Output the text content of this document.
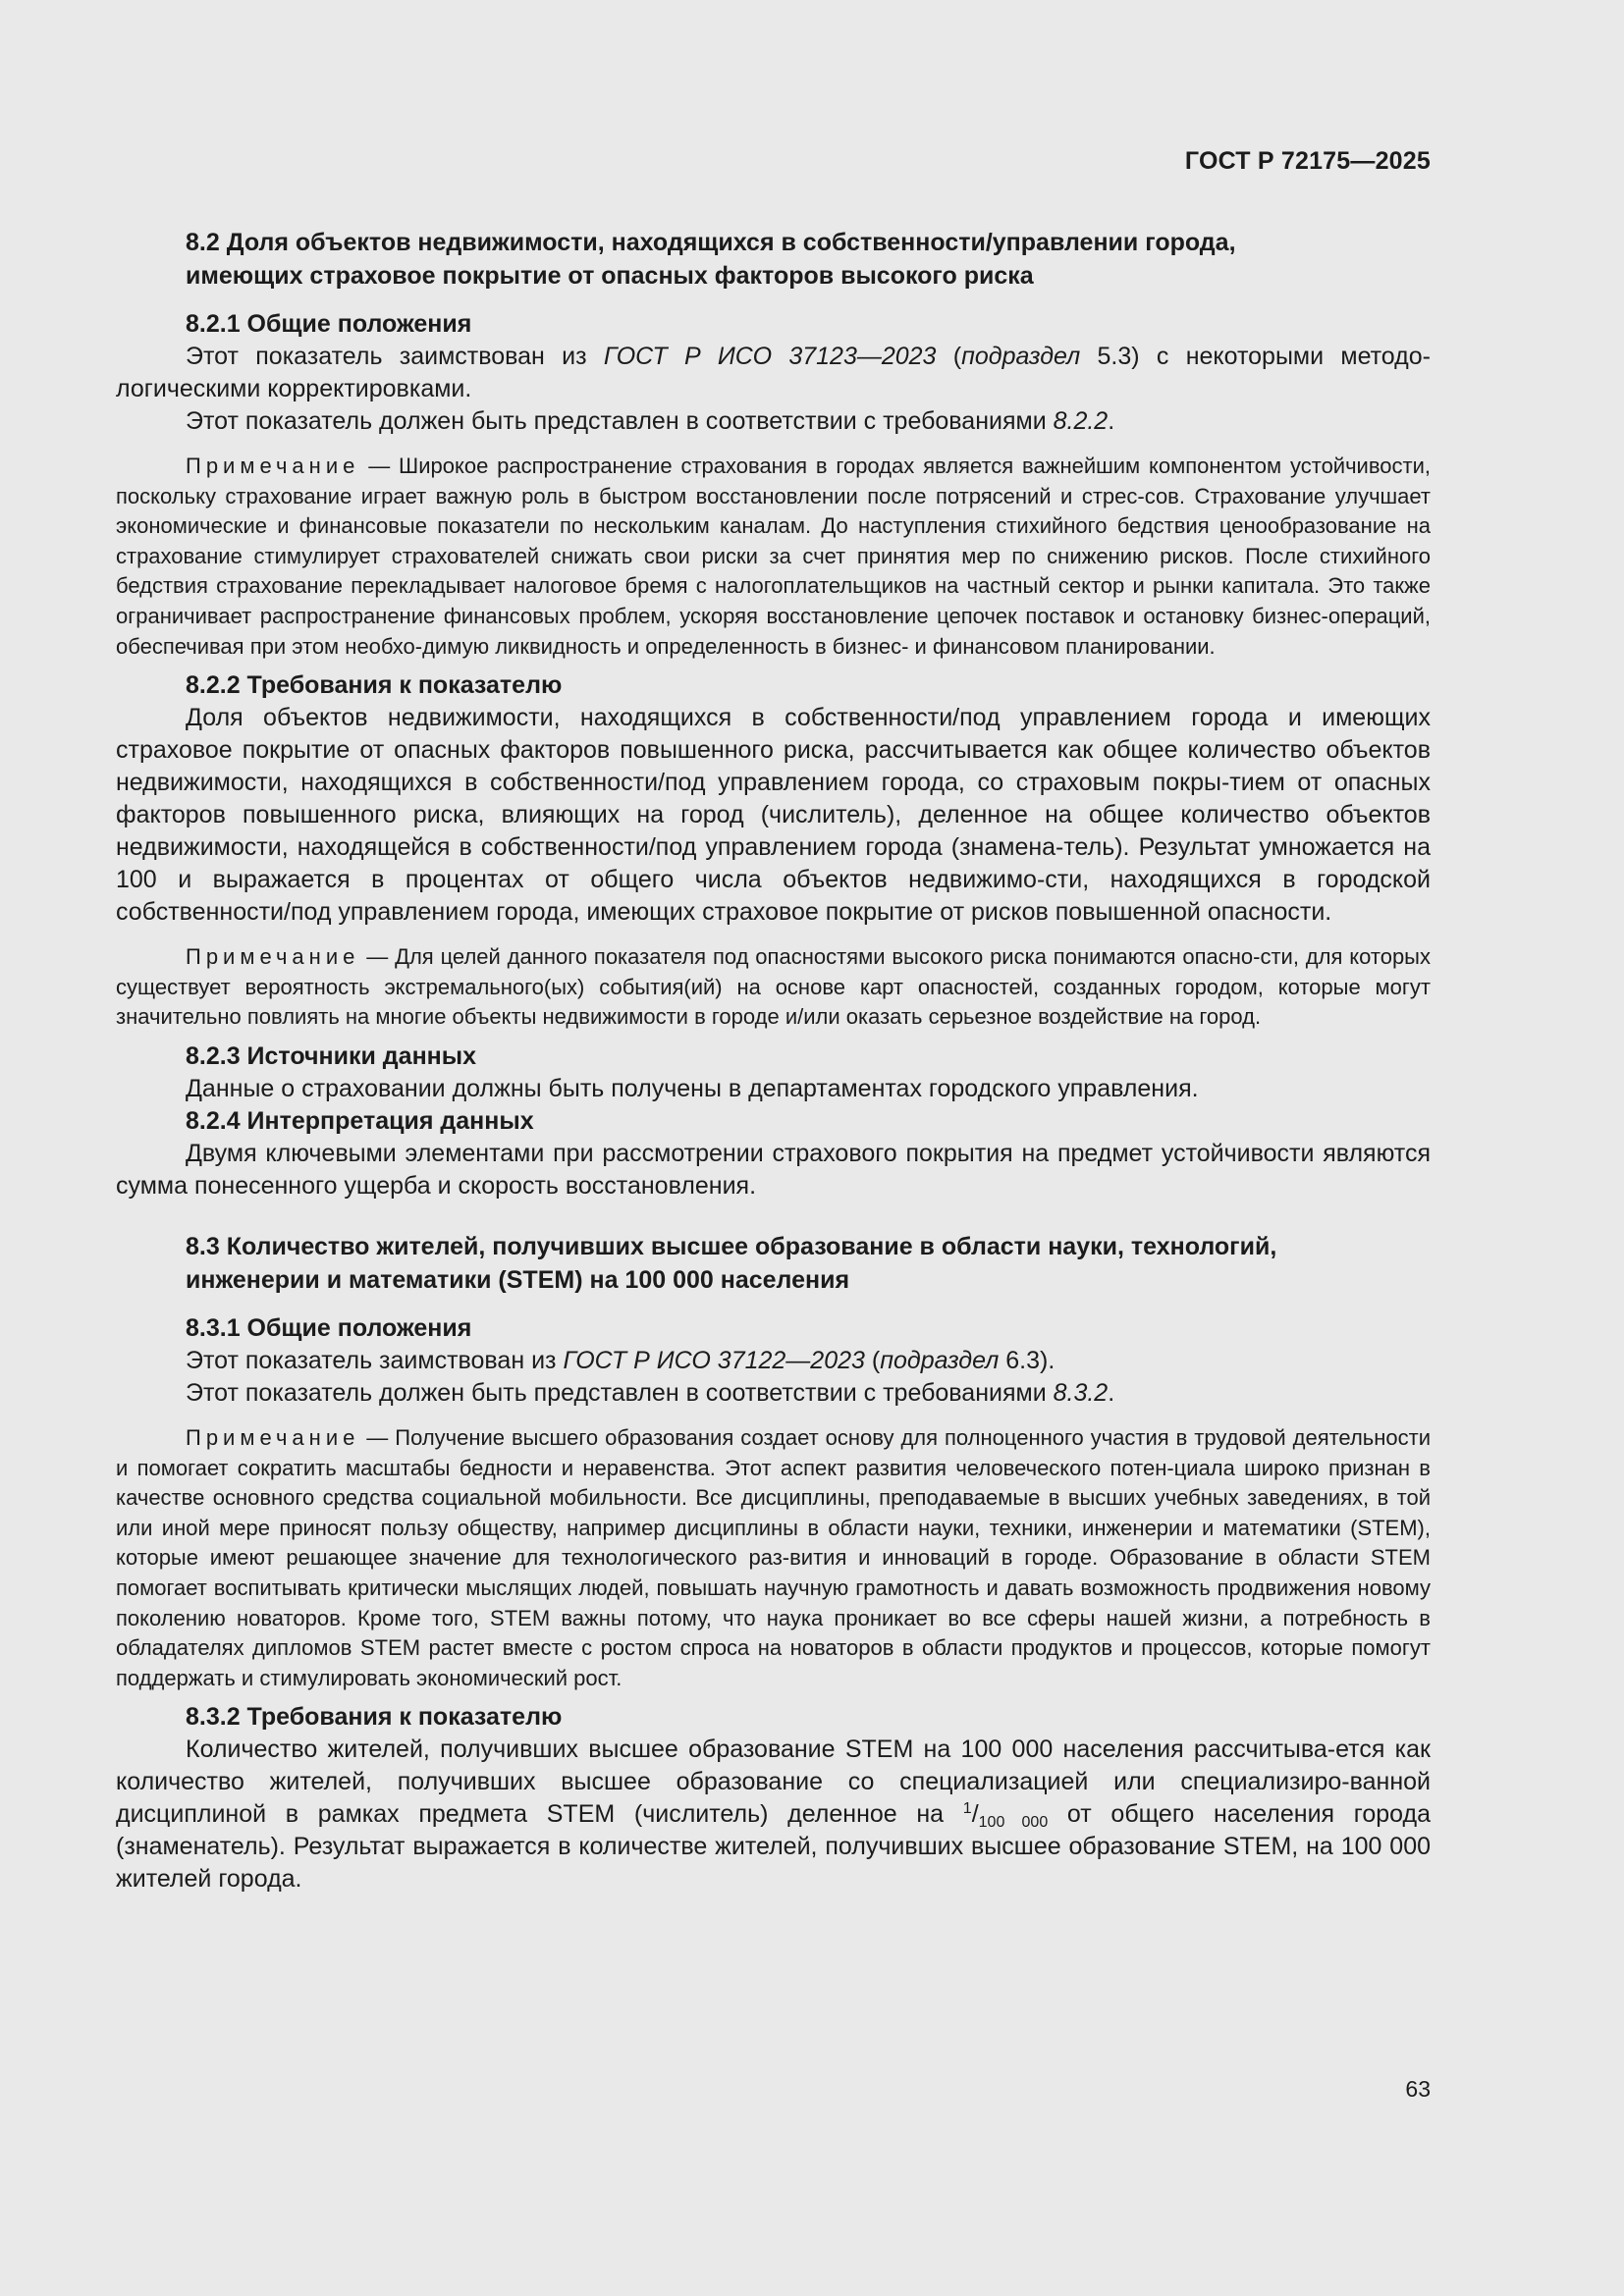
ГОСТ Р 72175—2025
8.2 Доля объектов недвижимости, находящихся в собственности/управлении города,
имеющих страховое покрытие от опасных факторов высокого риска
8.2.1 Общие положения

Этот показатель заимствован из ГОСТ Р ИСО 37123—2023 (подраздел 5.3) с некоторыми методо-логическими корректировками.

Этот показатель должен быть представлен в соответствии с требованиями 8.2.2.

Примечание — Широкое распространение страхования в городах является важнейшим компонентом устойчивости, поскольку страхование играет важную роль в быстром восстановлении после потрясений и стрес-сов. Страхование улучшает экономические и финансовые показатели по нескольким каналам. До наступления стихийного бедствия ценообразование на страхование стимулирует страхователей снижать свои риски за счет принятия мер по снижению рисков. После стихийного бедствия страхование перекладывает налоговое бремя с налогоплательщиков на частный сектор и рынки капитала. Это также ограничивает распространение финансовых проблем, ускоряя восстановление цепочек поставок и остановку бизнес-операций, обеспечивая при этом необхо-димую ликвидность и определенность в бизнес- и финансовом планировании.

8.2.2 Требования к показателю

Доля объектов недвижимости, находящихся в собственности/под управлением города и имеющих страховое покрытие от опасных факторов повышенного риска, рассчитывается как общее количество объектов недвижимости, находящихся в собственности/под управлением города, со страховым покры-тием от опасных факторов повышенного риска, влияющих на город (числитель), деленное на общее количество объектов недвижимости, находящейся в собственности/под управлением города (знамена-тель). Результат умножается на 100 и выражается в процентах от общего числа объектов недвижимо-сти, находящихся в городской собственности/под управлением города, имеющих страховое покрытие от рисков повышенной опасности.

Примечание — Для целей данного показателя под опасностями высокого риска понимаются опасно-сти, для которых существует вероятность экстремального(ых) события(ий) на основе карт опасностей, созданных городом, которые могут значительно повлиять на многие объекты недвижимости в городе и/или оказать серьезное воздействие на город.

8.2.3 Источники данных

Данные о страховании должны быть получены в департаментах городского управления.

8.2.4 Интерпретация данных

Двумя ключевыми элементами при рассмотрении страхового покрытия на предмет устойчивости являются сумма понесенного ущерба и скорость восстановления.

8.3 Количество жителей, получивших высшее образование в области науки, технологий,
инженерии и математики (STEM) на 100 000 населения
8.3.1 Общие положения

Этот показатель заимствован из ГОСТ Р ИСО 37122—2023 (подраздел 6.3).

Этот показатель должен быть представлен в соответствии с требованиями 8.3.2.

Примечание — Получение высшего образования создает основу для полноценного участия в трудовой деятельности и помогает сократить масштабы бедности и неравенства. Этот аспект развития человеческого потен-циала широко признан в качестве основного средства социальной мобильности. Все дисциплины, преподаваемые в высших учебных заведениях, в той или иной мере приносят пользу обществу, например дисциплины в области науки, техники, инженерии и математики (STEM), которые имеют решающее значение для технологического раз-вития и инноваций в городе. Образование в области STEM помогает воспитывать критически мыслящих людей, повышать научную грамотность и давать возможность продвижения новому поколению новаторов. Кроме того, STEM важны потому, что наука проникает во все сферы нашей жизни, а потребность в обладателях дипломов STEM растет вместе с ростом спроса на новаторов в области продуктов и процессов, которые помогут поддержать и стимулировать экономический рост.

8.3.2 Требования к показателю

Количество жителей, получивших высшее образование STEM на 100 000 населения рассчитыва-ется как количество жителей, получивших высшее образование со специализацией или специализиро-ванной дисциплиной в рамках предмета STEM (числитель) деленное на $^1/_{100 000}$ от общего населения города (знаменатель). Результат выражается в количестве жителей, получивших высшее образование STEM, на 100 000 жителей города.

63
